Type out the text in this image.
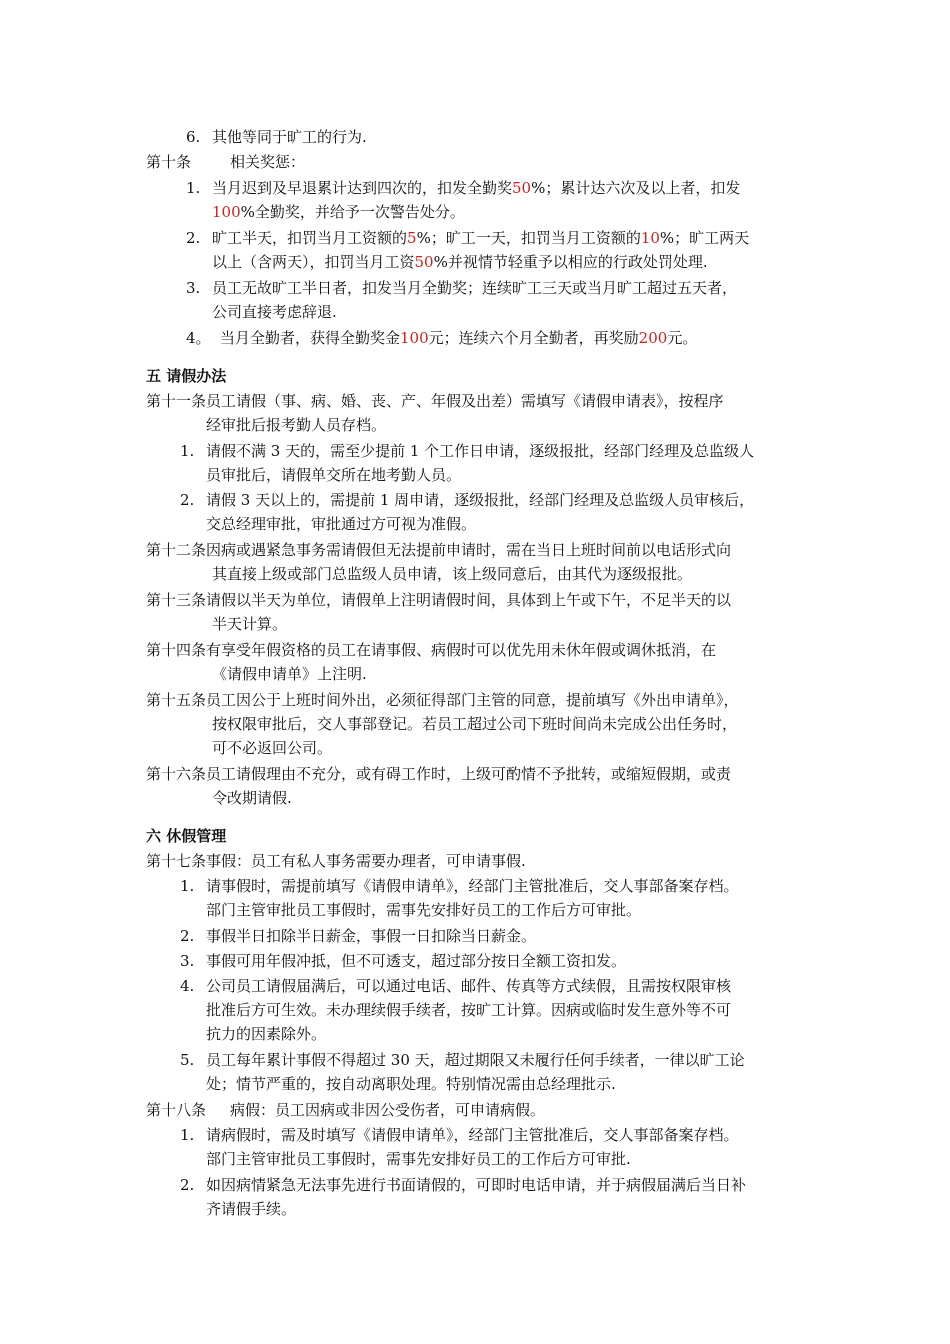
6. 其他等同于旷工的行为.
第十条	相关奖惩：
1. 当月迟到及早退累计达到四次的，扣发全勤奖50%；累计达六次及以上者，扣发
100%全勤奖，并给予一次警告处分。
2. 旷工半天，扣罚当月工资额的5%；旷工一天，扣罚当月工资额的10%；旷工两天
以上（含两天），扣罚当月工资50%并视情节轻重予以相应的行政处罚处理.
3. 员工无故旷工半日者，扣发当月全勤奖；连续旷工三天或当月旷工超过五天者，
公司直接考虑辞退.
4。 当月全勤者，获得全勤奖金100元；连续六个月全勤者，再奖励200元。
五 请假办法
第十一条员工请假（事、病、婚、丧、产、年假及出差）需填写《请假申请表》，按程序
经审批后报考勤人员存档。
1. 请假不满 3 天的，需至少提前 1 个工作日申请，逐级报批，经部门经理及总监级人
员审批后，请假单交所在地考勤人员。
2. 请假 3 天以上的，需提前 1 周申请，逐级报批，经部门经理及总监级人员审核后，
交总经理审批，审批通过方可视为准假。
第十二条因病或遇紧急事务需请假但无法提前申请时，需在当日上班时间前以电话形式向
其直接上级或部门总监级人员申请，该上级同意后，由其代为逐级报批。
第十三条请假以半天为单位，请假单上注明请假时间，具体到上午或下午，不足半天的以
半天计算。
第十四条有享受年假资格的员工在请事假、病假时可以优先用未休年假或调休抵消，在
《请假申请单》上注明.
第十五条员工因公于上班时间外出，必须征得部门主管的同意，提前填写《外出申请单》，
按权限审批后，交人事部登记。若员工超过公司下班时间尚未完成公出任务时，
可不必返回公司。
第十六条员工请假理由不充分，或有碍工作时，上级可酌情不予批转，或缩短假期，或责
令改期请假.
六 休假管理
第十七条事假：员工有私人事务需要办理者，可申请事假.
1. 请事假时，需提前填写《请假申请单》，经部门主管批准后，交人事部备案存档。
部门主管审批员工事假时，需事先安排好员工的工作后方可审批。
2. 事假半日扣除半日薪金，事假一日扣除当日薪金。
3. 事假可用年假冲抵，但不可透支，超过部分按日全额工资扣发。
4. 公司员工请假届满后，可以通过电话、邮件、传真等方式续假，且需按权限审核
批准后方可生效。未办理续假手续者，按旷工计算。因病或临时发生意外等不可
抗力的因素除外。
5. 员工每年累计事假不得超过 30 天，超过期限又未履行任何手续者，一律以旷工论
处；情节严重的，按自动离职处理。特别情况需由总经理批示.
第十八条 病假：员工因病或非因公受伤者，可申请病假。
1. 请病假时，需及时填写《请假申请单》，经部门主管批准后，交人事部备案存档。
部门主管审批员工事假时，需事先安排好员工的工作后方可审批.
2. 如因病情紧急无法事先进行书面请假的，可即时电话申请，并于病假届满后当日补
齐请假手续。
